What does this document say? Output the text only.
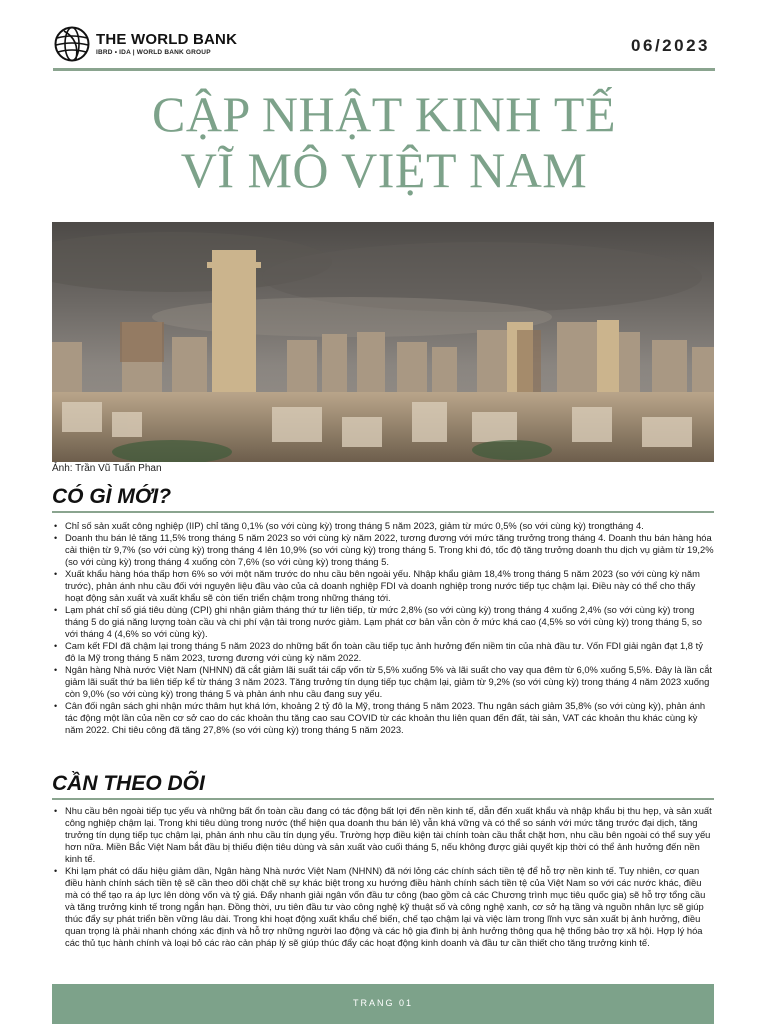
THE WORLD BANK
IBRD • IDA | WORLD BANK GROUP	06/2023
CẬP NHẬT KINH TẾ
VĨ MÔ VIỆT NAM
Ảnh: Trần Vũ Tuấn Phan
CÓ GÌ MỚI?
• Chỉ số sản xuất công nghiệp (IIP) chỉ tăng 0,1% (so với cùng kỳ) trong tháng 5 năm 2023, giảm từ mức 0,5% (so với cùng kỳ) trongtháng 4.
• Doanh thu bán lẻ tăng 11,5% trong tháng 5 năm 2023 so với cùng kỳ năm 2022, tương đương với mức tăng trưởng trong tháng 4. Doanh thu bán hàng hóa cải thiện từ 9,7% (so với cùng kỳ) trong tháng 4 lên 10,9% (so với cùng kỳ) trong tháng 5. Trong khi đó, tốc độ tăng trưởng doanh thu dịch vụ giảm từ 19,2% (so với cùng kỳ) trong tháng 4 xuống còn 7,6% (so với cùng kỳ) trong tháng 5.
• Xuất khẩu hàng hóa thấp hơn 6% so với một năm trước do nhu cầu bên ngoài yếu. Nhập khẩu giảm 18,4% trong tháng 5 năm 2023 (so với cùng kỳ năm trước), phản ánh nhu cầu đối với nguyên liệu đầu vào của cả doanh nghiệp FDI và doanh nghiệp trong nước tiếp tục chậm lại. Điều này có thể cho thấy hoạt động sản xuất và xuất khẩu sẽ còn tiến triển chậm trong những tháng tới.
• Lạm phát chỉ số giá tiêu dùng (CPI) ghi nhận giảm tháng thứ tư liên tiếp, từ mức 2,8% (so với cùng kỳ) trong tháng 4 xuống 2,4% (so với cùng kỳ) trong tháng 5 do giá năng lượng toàn cầu và chi phí vận tải trong nước giảm. Lạm phát cơ bản vẫn còn ở mức khá cao (4,5% so với cùng kỳ) trong tháng 5, so với tháng 4 (4,6% so với cùng kỳ).
• Cam kết FDI đã chậm lại trong tháng 5 năm 2023 do những bất ổn toàn cầu tiếp tục ảnh hưởng đến niềm tin của nhà đầu tư. Vốn FDI giải ngân đạt 1,8 tỷ đô la Mỹ trong tháng 5 năm 2023, tương đương với cùng kỳ năm 2022.
• Ngân hàng Nhà nước Việt Nam (NHNN) đã cắt giảm lãi suất tái cấp vốn từ 5,5% xuống 5% và lãi suất cho vay qua đêm từ 6,0% xuống 5,5%. Đây là lần cắt giảm lãi suất thứ ba liên tiếp kể từ tháng 3 năm 2023. Tăng trưởng tín dụng tiếp tục chậm lại, giảm từ 9,2% (so với cùng kỳ) trong tháng 4 năm 2023 xuống còn 9,0% (so với cùng kỳ) trong tháng 5 và phản ánh nhu cầu đang suy yếu.
• Cân đối ngân sách ghi nhận mức thâm hụt khá lớn, khoảng 2 tỷ đô la Mỹ, trong tháng 5 năm 2023. Thu ngân sách giảm 35,8% (so với cùng kỳ), phản ánh tác động một lần của nền cơ sở cao do các khoản thu tăng cao sau COVID từ các khoản thu liên quan đến đất, tài sản, VAT các khoản thu khác cùng kỳ năm 2022. Chi tiêu công đã tăng 27,8% (so với cùng kỳ) trong tháng 5 năm 2023.
CẦN THEO DÕI
• Nhu cầu bên ngoài tiếp tục yếu và những bất ổn toàn cầu đang có tác động bất lợi đến nền kinh tế, dẫn đến xuất khẩu và nhập khẩu bị thu hẹp, và sản xuất công nghiệp chậm lại. Trong khi tiêu dùng trong nước (thể hiện qua doanh thu bán lẻ) vẫn khá vững và có thể so sánh với mức tăng trước đại dịch, tăng trưởng tín dụng tiếp tục chậm lại, phản ánh nhu cầu tín dụng yếu. Trường hợp điều kiện tài chính toàn cầu thắt chặt hơn, nhu cầu bên ngoài có thể suy yếu hơn nữa. Miền Bắc Việt Nam bắt đầu bị thiếu điện tiêu dùng và sản xuất vào cuối tháng 5, nếu không được giải quyết kịp thời có thể ảnh hưởng đến nền kinh tế.
• Khi lạm phát có dấu hiệu giảm dần, Ngân hàng Nhà nước Việt Nam (NHNN) đã nới lỏng các chính sách tiền tệ để hỗ trợ nền kinh tế. Tuy nhiên, cơ quan điều hành chính sách tiền tệ sẽ cần theo dõi chặt chẽ sự khác biệt trong xu hướng điều hành chính sách tiền tệ của Việt Nam so với các nước khác, điều mà có thể tạo ra áp lực lên dòng vốn và tỷ giá. Đẩy nhanh giải ngân vốn đầu tư công (bao gồm cả các Chương trình mục tiêu quốc gia) sẽ hỗ trợ tổng cầu và tăng trưởng kinh tế trong ngắn hạn. Đồng thời, ưu tiên đầu tư vào công nghệ kỹ thuật số và công nghệ xanh, cơ sở hạ tầng và nguồn nhân lực sẽ giúp thúc đẩy sự phát triển bền vững lâu dài. Trong khi hoạt động xuất khẩu chế biến, chế tạo chậm lại và việc làm trong lĩnh vực sản xuất bị ảnh hưởng, điều quan trọng là phải nhanh chóng xác định và hỗ trợ những người lao động và các hộ gia đình bị ảnh hưởng thông qua hệ thống bảo trợ xã hội. Hợp lý hóa các thủ tục hành chính và loại bỏ các rào cản pháp lý sẽ giúp thúc đẩy các hoạt động kinh doanh và đầu tư cần thiết cho tăng trưởng kinh tế.
TRANG 01
